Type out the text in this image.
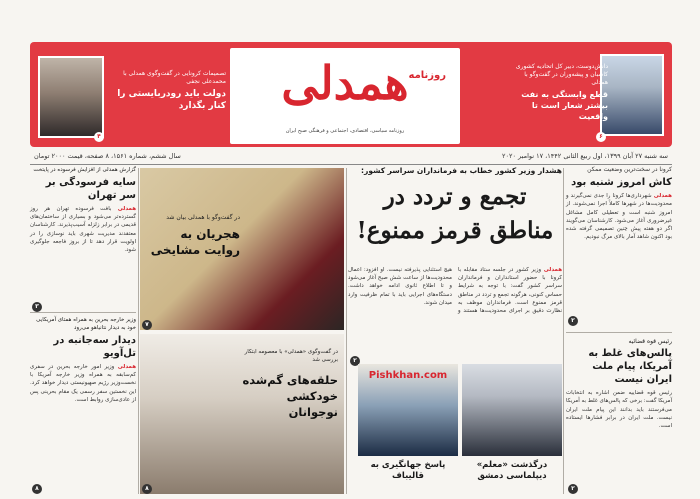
۶
دانش‌دوست، دبیر کل اتحادیه کشوری کاسبان و پیشه‌وران در گفت‌وگو با همدلی
قطع وابستگی به نفت بیشتر شعار است تا واقعیت
همدلی روزنامه
روزنامه سیاسی، اقتصادی، اجتماعی و فرهنگی صبح ایران
تصمیمات کرونایی در گفت‌وگوی همدلی با محمدعلی نجفی
دولت باید رودربایستی را کنار بگذارد
۴
سه شنبه ۲۷ آبان ۱۳۹۹، اول ربیع الثانی ۱۴۴۲، ۱۷ نوامبر ۲۰۲۰
سال ششم، شماره ۱۵۶۱، ۸ صفحه، قیمت ۲۰۰۰ تومان
کرونا در سخت‌ترین وضعیت ممکن
کاش امروز شنبه بود
همدلی شهرداری‌ها کرونا را جدی نمی‌گیرند و محدودیت‌ها در شهرها کاملاً اجرا نمی‌شوند. از امروز شنبه است و تعطیلی کامل مشاغل غیرضروری آغاز می‌شود. کارشناسان می‌گویند اگر دو هفته پیش چنین تصمیمی گرفته شده بود اکنون شاهد آمار بالای مرگ نبودیم.
۲
رئیس قوه قضائیه
پالس‌های غلط به آمریکا، پیام ملت ایران نیست
رئیس قوه قضاییه ضمن اشاره به انتخابات آمریکا گفت: برخی که پالس‌های غلط به آمریکا می‌فرستند باید بدانند این پیام ملت ایران نیست. ملت ایران در برابر فشارها ایستاده است.
۲
هشدار وزیر کشور خطاب به فرمانداران سراسر کشور:
تجمع و تردد در مناطق قرمز ممنوع!
همدلی وزیر کشور در جلسه ستاد مقابله با کرونا با حضور استانداران و فرمانداران سراسر کشور گفت: با توجه به شرایط حساس کنونی، هرگونه تجمع و تردد در مناطق قرمز ممنوع است. فرمانداران موظف به نظارت دقیق بر اجرای محدودیت‌ها هستند و هیچ استثنایی پذیرفته نیست. او افزود: اعمال محدودیت‌ها از ساعت شش صبح آغاز می‌شود و تا اطلاع ثانوی ادامه خواهد داشت. دستگاه‌های اجرایی باید با تمام ظرفیت وارد میدان شوند.
۲
درگذشت «معلم» دیپلماسی دمشق
Pishkhan.com
پاسخ جهانگیری به قالیباف
در گفت‌وگو با همدلی بیان شد
هجریان به روایت مشایخی
۷
در گفت‌وگوی «همدلی» با معصومه ابتکار بررسی شد
حلقه‌های گم‌شده خودکشی نوجوانان
۸
گزارش همدلی از افزایش فرسوده در پایتخت
سایه فرسودگی بر سر تهران
همدلی بافت فرسوده تهران هر روز گسترده‌تر می‌شود و بسیاری از ساختمان‌های قدیمی در برابر زلزله آسیب‌پذیرند. کارشناسان معتقدند مدیریت شهری باید نوسازی را در اولویت قرار دهد تا از بروز فاجعه جلوگیری شود.
۳
وزیر خارجه بحرین به همراه همتای آمریکایی خود به دیدار نتانیاهو می‌رود
دیدار سه‌جانبه در تل‌آویو
همدلی وزیر امور خارجه بحرین در سفری کم‌سابقه به همراه وزیر خارجه آمریکا با نخست‌وزیر رژیم صهیونیستی دیدار خواهد کرد. این نخستین سفر رسمی یک مقام بحرینی پس از عادی‌سازی روابط است.
۸
